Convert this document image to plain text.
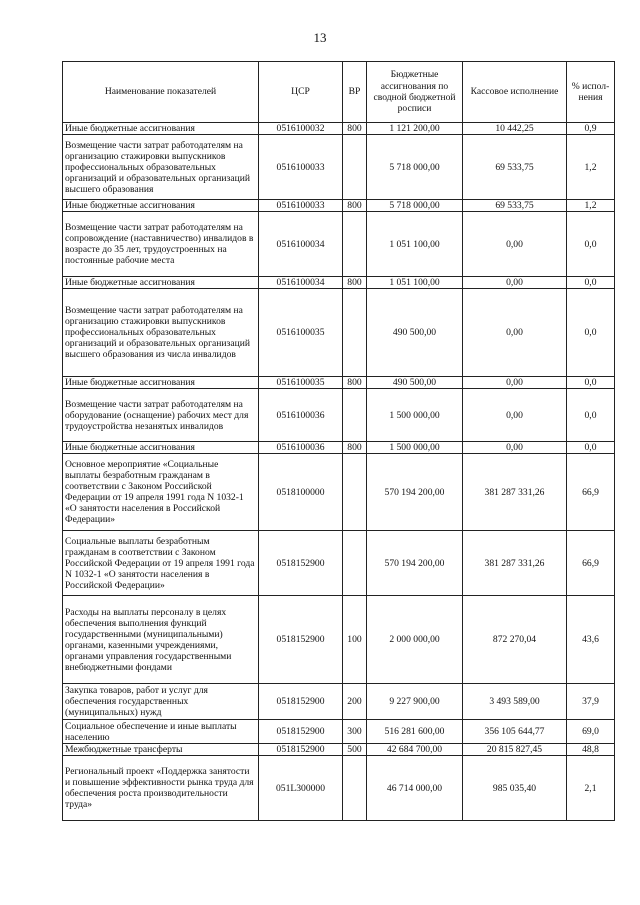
13
Наименование показателей	ЦСР	ВР	Бюджетные ассигнования по сводной бюджетной росписи	Кассовое исполнение	% испол-нения
Иные бюджетные ассигнования	0516100032	800	1 121 200,00	10 442,25	0,9
Возмещение части затрат работодателям на организацию стажировки выпускников профессиональных образовательных организаций и образовательных организаций высшего образования	0516100033		5 718 000,00	69 533,75	1,2
Иные бюджетные ассигнования	0516100033	800	5 718 000,00	69 533,75	1,2
Возмещение части затрат работодателям на сопровождение (наставничество) инвалидов в возрасте до 35 лет, трудоустроенных на постоянные рабочие места	0516100034		1 051 100,00	0,00	0,0
Иные бюджетные ассигнования	0516100034	800	1 051 100,00	0,00	0,0
Возмещение части затрат работодателям на организацию стажировки выпускников профессиональных образовательных организаций и образовательных организаций высшего образования из числа инвалидов	0516100035		490 500,00	0,00	0,0
Иные бюджетные ассигнования	0516100035	800	490 500,00	0,00	0,0
Возмещение части затрат работодателям на оборудование (оснащение) рабочих мест для трудоустройства незанятых инвалидов	0516100036		1 500 000,00	0,00	0,0
Иные бюджетные ассигнования	0516100036	800	1 500 000,00	0,00	0,0
Основное мероприятие «Социальные выплаты безработным гражданам в соответствии с Законом Российской Федерации от 19 апреля 1991 года N 1032-1 «О занятости населения в Российской Федерации»	0518100000		570 194 200,00	381 287 331,26	66,9
Социальные выплаты безработным гражданам в соответствии с Законом Российской Федерации от 19 апреля 1991 года N 1032-1 «О занятости населения в Российской Федерации»	0518152900		570 194 200,00	381 287 331,26	66,9
Расходы на выплаты персоналу в целях обеспечения выполнения функций государственными (муниципальными) органами, казенными учреждениями, органами управления государственными внебюджетными фондами	0518152900	100	2 000 000,00	872 270,04	43,6
Закупка товаров, работ и услуг для обеспечения государственных (муниципальных) нужд	0518152900	200	9 227 900,00	3 493 589,00	37,9
Социальное обеспечение и иные выплаты населению	0518152900	300	516 281 600,00	356 105 644,77	69,0
Межбюджетные трансферты	0518152900	500	42 684 700,00	20 815 827,45	48,8
Региональный проект «Поддержка занятости и повышение эффективности рынка труда для обеспечения роста производительности труда»	051L300000		46 714 000,00	985 035,40	2,1
